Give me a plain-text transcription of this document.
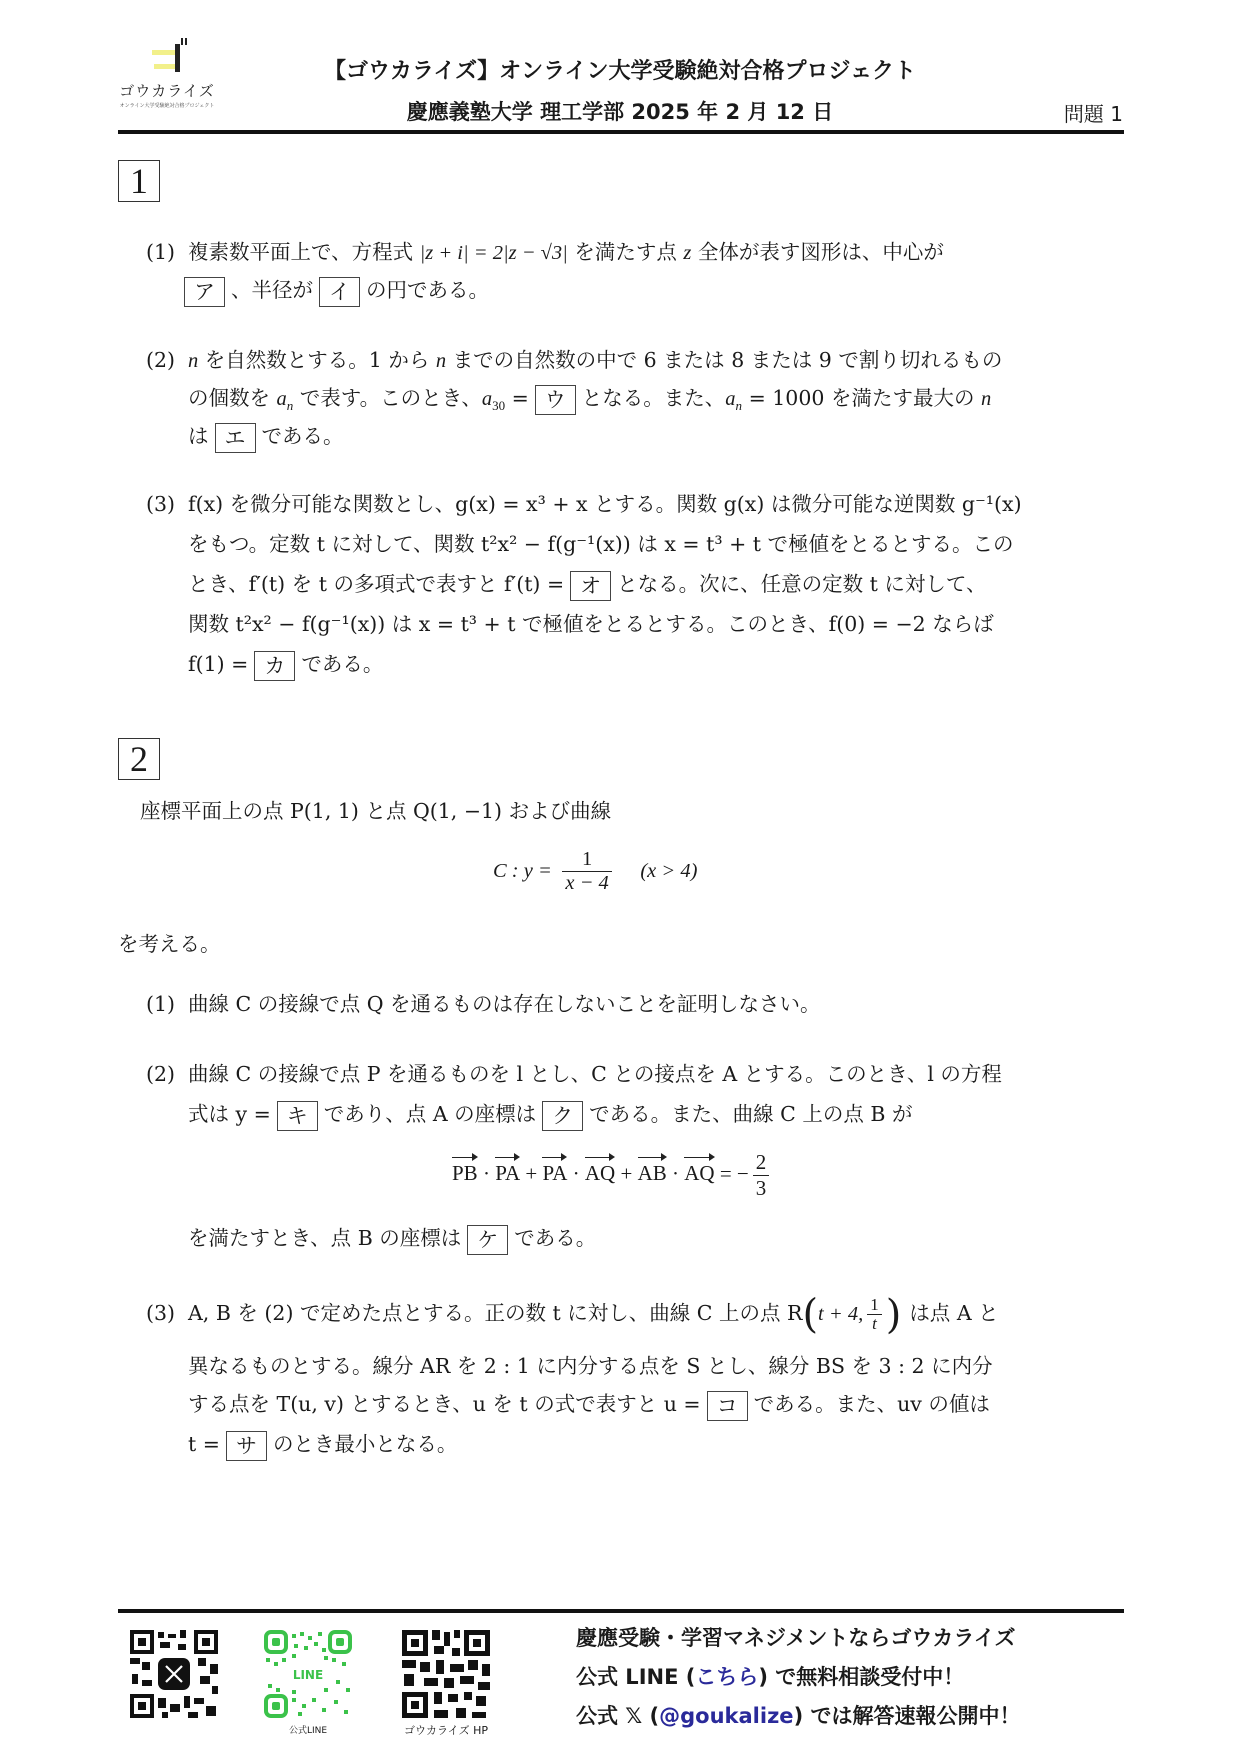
ゴウカライズ
オンライン大学受験絶対合格プロジェクト
【ゴウカライズ】オンライン大学受験絶対合格プロジェクト
慶應義塾大学 理工学部 2025 年 2 月 12 日	問題 1
1
(1) 複素数平面上で、方程式 |z + i| = 2|z − √3| を満たす点 z 全体が表す図形は、中心が
ア 、半径が イ の円である。
(2) n を自然数とする。1 から n までの自然数の中で 6 または 8 または 9 で割り切れるもの
の個数を $a_n$ で表す。このとき、$a_{30}$ = ウ となる。また、$a_n = 1000$ を満たす最大の n
は エ である。
(3) f(x) を微分可能な関数とし、g(x) = x³ + x とする。関数 g(x) は微分可能な逆関数 g⁻¹(x)
をもつ。定数 t に対して、関数 t²x² − f(g⁻¹(x)) は x = t³ + t で極値をとるとする。この
とき、f′(t) を t の多項式で表すと f′(t) = オ となる。次に、任意の定数 t に対して、
関数 t²x² − f(g⁻¹(x)) は x = t³ + t で極値をとるとする。このとき、f(0) = −2 ならば
f(1) = カ である。
2
座標平面上の点 P(1, 1) と点 Q(1, −1) および曲線
C : $y = \frac{1}{x - 4} (x > 4)$
を考える。
(1) 曲線 C の接線で点 Q を通るものは存在しないことを証明しなさい。
(2) 曲線 C の接線で点 P を通るものを l とし、C との接点を A とする。このとき、l の方程
式は y = キ であり、点 A の座標は ク である。また、曲線 C 上の点 B が
PB · PA + PA · AQ + AB · AQ = − $\frac{2}{3}$
を満たすとき、点 B の座標は ケ である。
(3) A, B を (2) で定めた点とする。正の数 t に対し、曲線 C 上の点 R(t + 4, $\frac{1}{t}$ ) は点 A と
異なるものとする。線分 AR を 2 : 1 に内分する点を S とし、線分 BS を 3 : 2 に内分
する点を T(u, v) とするとき、u を t の式で表すと u = コ である。また、uv の値は
t = サ のとき最小となる。
LINE
公式LINE	ゴウカライズ HP
慶應受験・学習マネジメントならゴウカライズ
公式 LINE (こちら) で無料相談受付中！
公式 𝕏 (@goukalize) では解答速報公開中！
